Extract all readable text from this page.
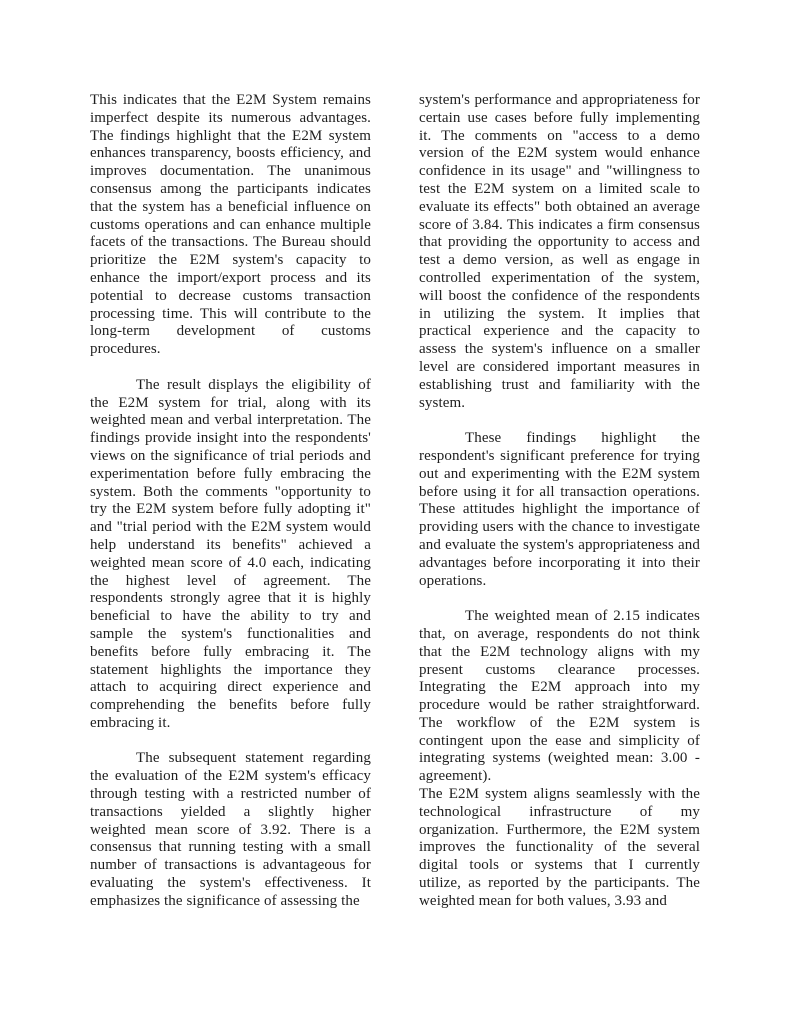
This indicates that the E2M System remains imperfect despite its numerous advantages. The findings highlight that the E2M system enhances transparency, boosts efficiency, and improves documentation. The unanimous consensus among the participants indicates that the system has a beneficial influence on customs operations and can enhance multiple facets of the transactions. The Bureau should prioritize the E2M system's capacity to enhance the import/export process and its potential to decrease customs transaction processing time. This will contribute to the long-term development of customs procedures.

The result displays the eligibility of the E2M system for trial, along with its weighted mean and verbal interpretation. The findings provide insight into the respondents' views on the significance of trial periods and experimentation before fully embracing the system. Both the comments "opportunity to try the E2M system before fully adopting it" and "trial period with the E2M system would help understand its benefits" achieved a weighted mean score of 4.0 each, indicating the highest level of agreement. The respondents strongly agree that it is highly beneficial to have the ability to try and sample the system's functionalities and benefits before fully embracing it. The statement highlights the importance they attach to acquiring direct experience and comprehending the benefits before fully embracing it.

The subsequent statement regarding the evaluation of the E2M system's efficacy through testing with a restricted number of transactions yielded a slightly higher weighted mean score of 3.92. There is a consensus that running testing with a small number of transactions is advantageous for evaluating the system's effectiveness. It emphasizes the significance of assessing the

system's performance and appropriateness for certain use cases before fully implementing it. The comments on "access to a demo version of the E2M system would enhance confidence in its usage" and "willingness to test the E2M system on a limited scale to evaluate its effects" both obtained an average score of 3.84. This indicates a firm consensus that providing the opportunity to access and test a demo version, as well as engage in controlled experimentation of the system, will boost the confidence of the respondents in utilizing the system. It implies that practical experience and the capacity to assess the system's influence on a smaller level are considered important measures in establishing trust and familiarity with the system.

These findings highlight the respondent's significant preference for trying out and experimenting with the E2M system before using it for all transaction operations. These attitudes highlight the importance of providing users with the chance to investigate and evaluate the system's appropriateness and advantages before incorporating it into their operations.

The weighted mean of 2.15 indicates that, on average, respondents do not think that the E2M technology aligns with my present customs clearance processes. Integrating the E2M approach into my procedure would be rather straightforward. The workflow of the E2M system is contingent upon the ease and simplicity of integrating systems (weighted mean: 3.00 - agreement).

The E2M system aligns seamlessly with the technological infrastructure of my organization. Furthermore, the E2M system improves the functionality of the several digital tools or systems that I currently utilize, as reported by the participants. The weighted mean for both values, 3.93 and
